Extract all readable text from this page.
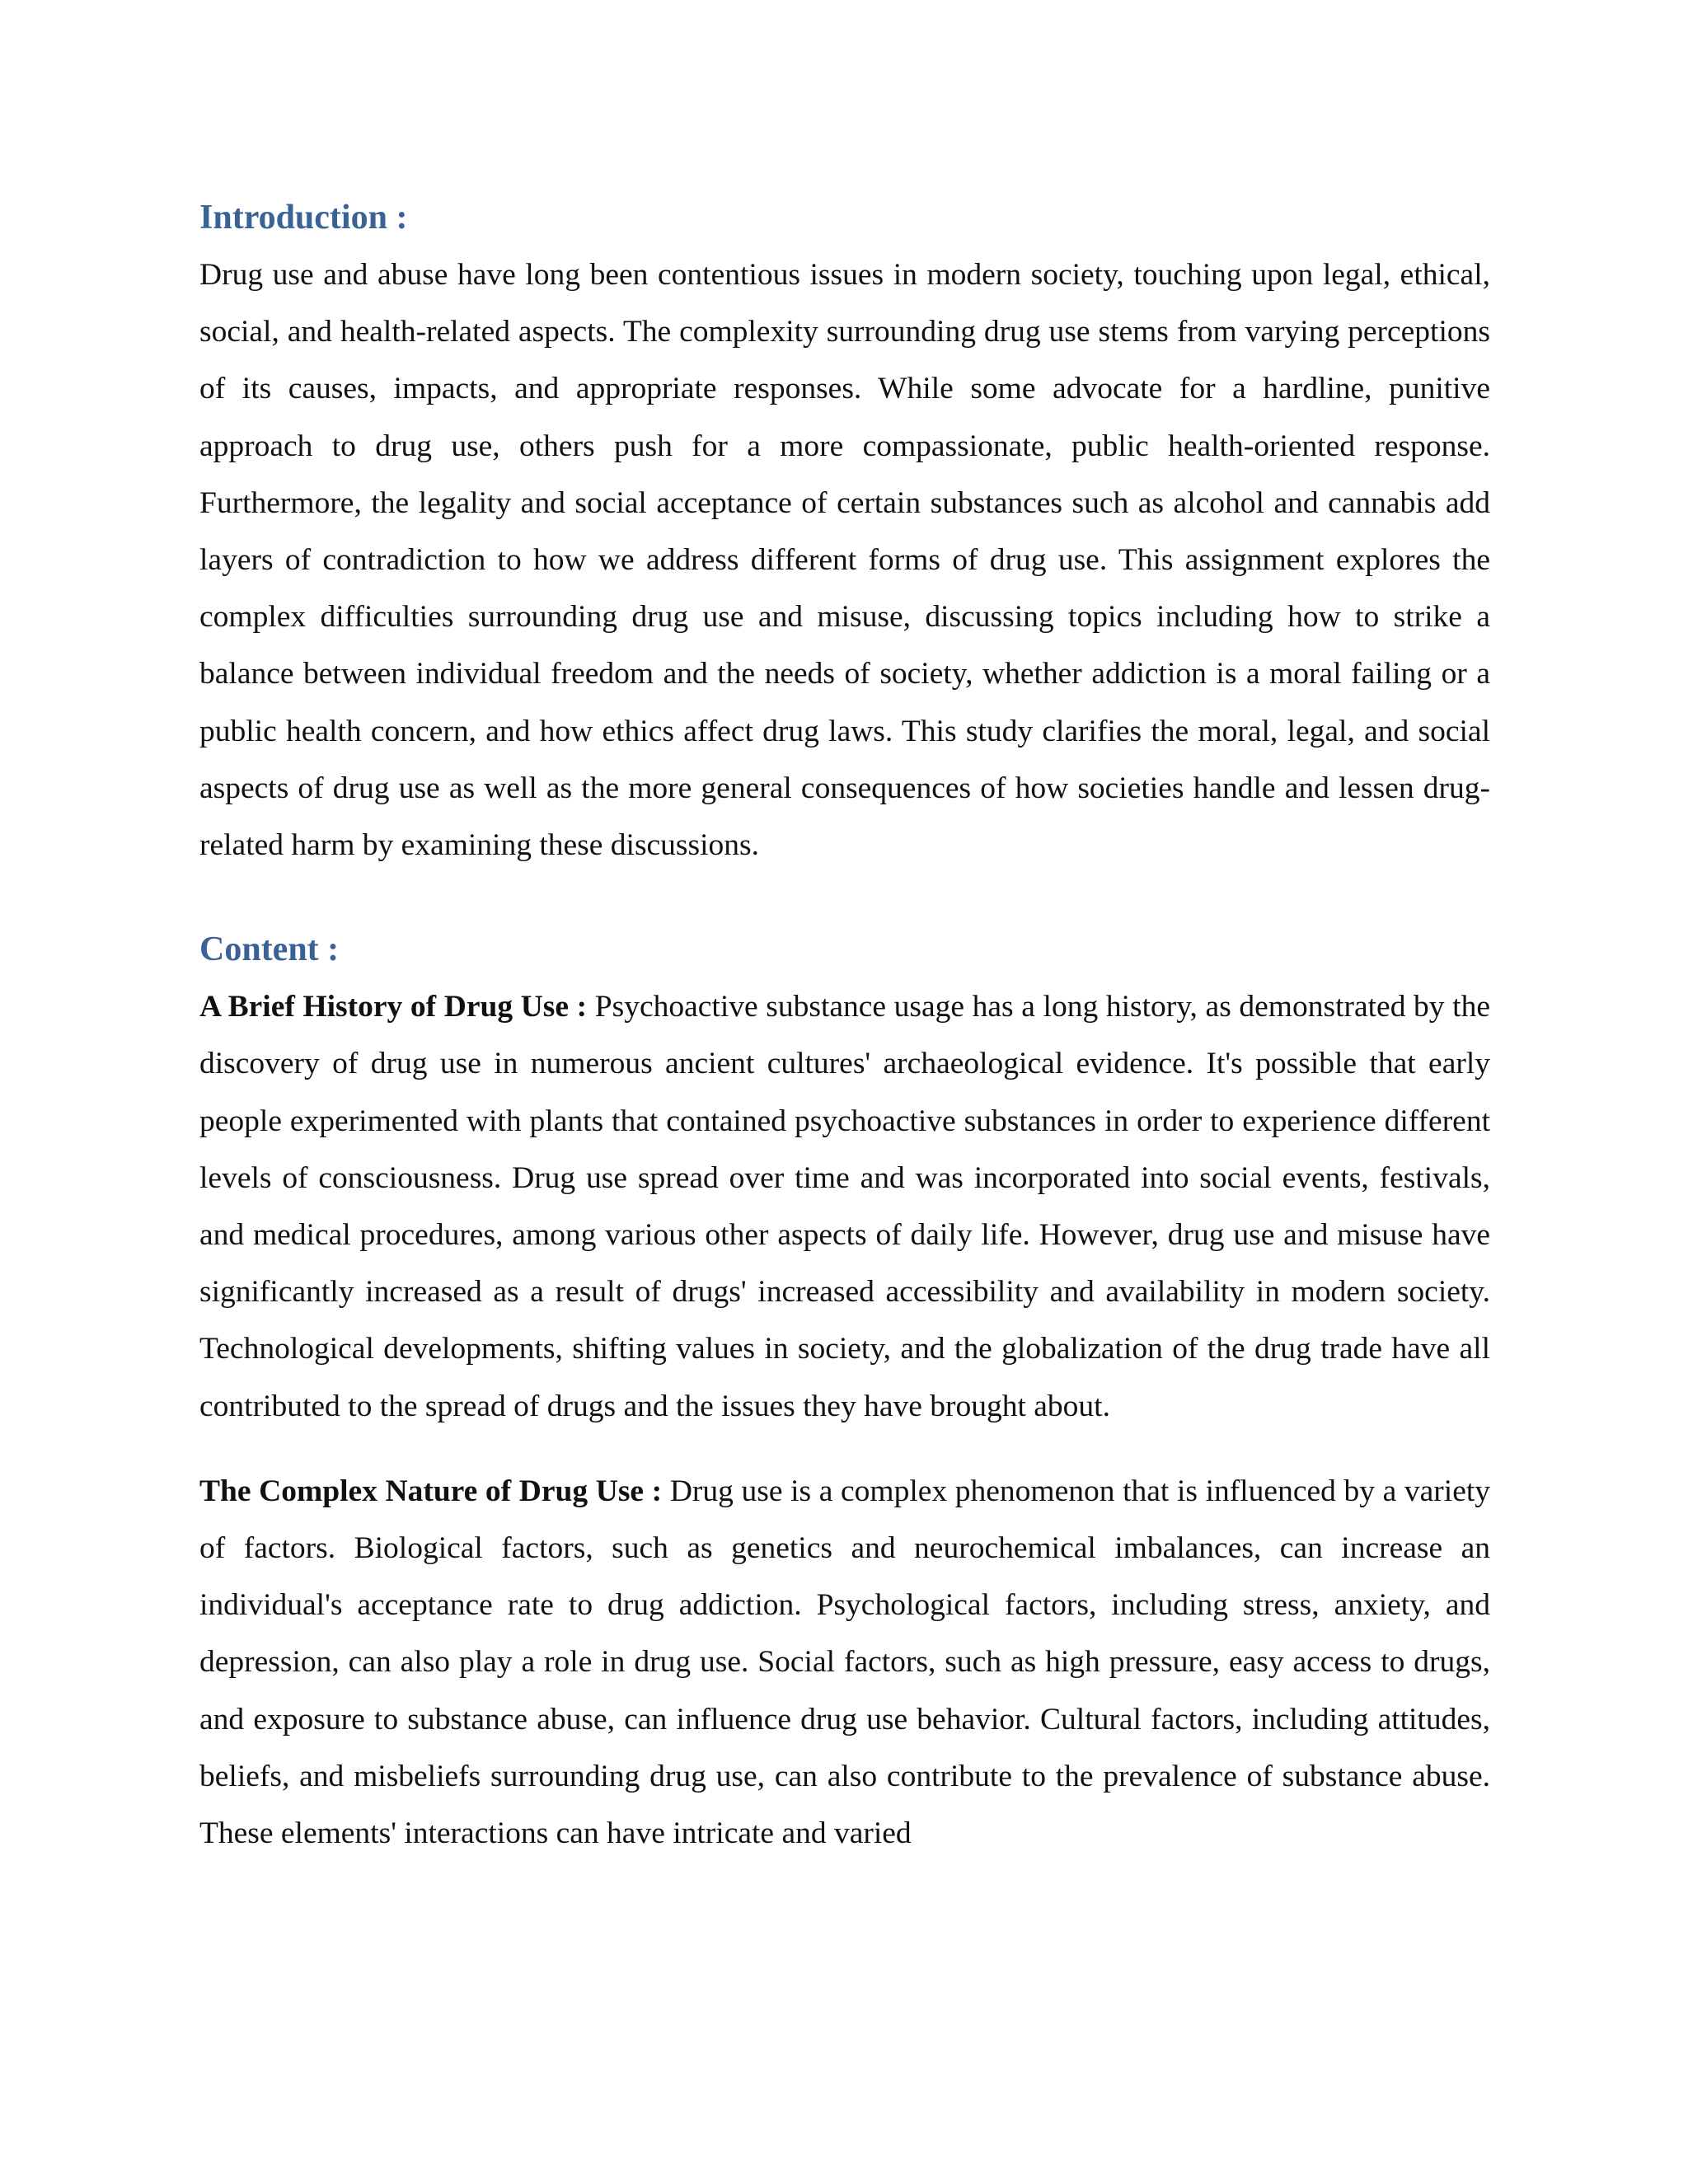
Introduction :

Drug use and abuse have long been contentious issues in modern society, touching upon legal, ethical, social, and health-related aspects. The complexity surrounding drug use stems from varying perceptions of its causes, impacts, and appropriate responses. While some advocate for a hardline, punitive approach to drug use, others push for a more compassionate, public health-oriented response. Furthermore, the legality and social acceptance of certain substances such as alcohol and cannabis add layers of contradiction to how we address different forms of drug use. This assignment explores the complex difficulties surrounding drug use and misuse, discussing topics including how to strike a balance between individual freedom and the needs of society, whether addiction is a moral failing or a public health concern, and how ethics affect drug laws. This study clarifies the moral, legal, and social aspects of drug use as well as the more general consequences of how societies handle and lessen drug-related harm by examining these discussions.

Content :

A Brief History of Drug Use : Psychoactive substance usage has a long history, as demonstrated by the discovery of drug use in numerous ancient cultures' archaeological evidence. It's possible that early people experimented with plants that contained psychoactive substances in order to experience different levels of consciousness. Drug use spread over time and was incorporated into social events, festivals, and medical procedures, among various other aspects of daily life. However, drug use and misuse have significantly increased as a result of drugs' increased accessibility and availability in modern society. Technological developments, shifting values in society, and the globalization of the drug trade have all contributed to the spread of drugs and the issues they have brought about.

The Complex Nature of Drug Use : Drug use is a complex phenomenon that is influenced by a variety of factors. Biological factors, such as genetics and neurochemical imbalances, can increase an individual's acceptance rate to drug addiction. Psychological factors, including stress, anxiety, and depression, can also play a role in drug use. Social factors, such as high pressure, easy access to drugs, and exposure to substance abuse, can influence drug use behavior. Cultural factors, including attitudes, beliefs, and misbeliefs surrounding drug use, can also contribute to the prevalence of substance abuse. These elements' interactions can have intricate and varied
